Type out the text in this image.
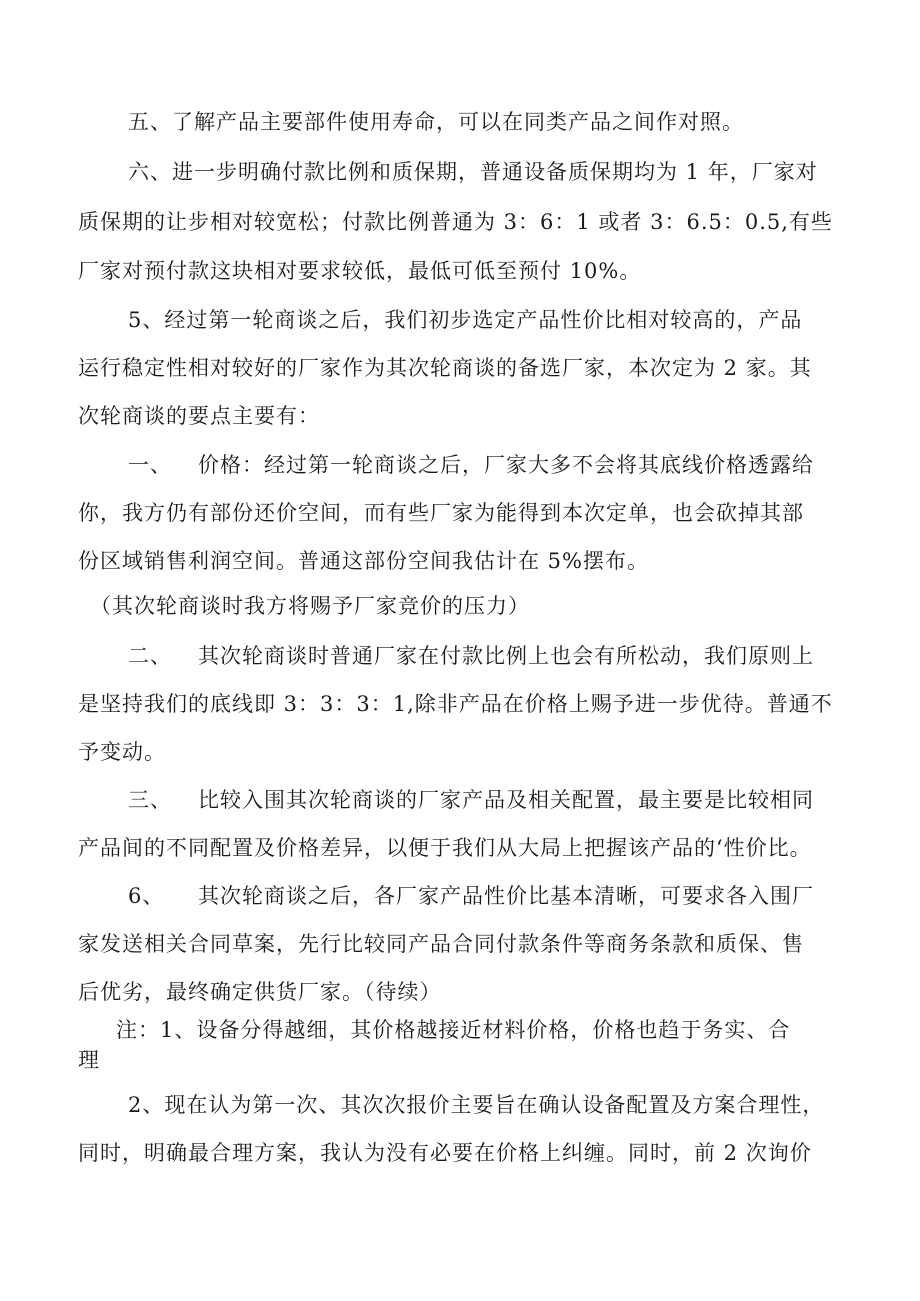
五、了解产品主要部件使用寿命，可以在同类产品之间作对照。
六、进一步明确付款比例和质保期，普通设备质保期均为 1 年，厂家对
质保期的让步相对较宽松；付款比例普通为 3：6：1 或者 3：6.5：0.5,有些
厂家对预付款这块相对要求较低，最低可低至预付 10%。
5、经过第一轮商谈之后，我们初步选定产品性价比相对较高的，产品
运行稳定性相对较好的厂家作为其次轮商谈的备选厂家，本次定为 2 家。其
次轮商谈的要点主要有：
一、 价格：经过第一轮商谈之后，厂家大多不会将其底线价格透露给
你，我方仍有部份还价空间，而有些厂家为能得到本次定单，也会砍掉其部
份区域销售利润空间。普通这部份空间我估计在 5%摆布。
（其次轮商谈时我方将赐予厂家竞价的压力）
二、 其次轮商谈时普通厂家在付款比例上也会有所松动，我们原则上
是坚持我们的底线即 3：3：3：1,除非产品在价格上赐予进一步优待。普通不
予变动。
三、 比较入围其次轮商谈的厂家产品及相关配置，最主要是比较相同
产品间的不同配置及价格差异，以便于我们从大局上把握该产品的‘性价比。
6、 其次轮商谈之后，各厂家产品性价比基本清晰，可要求各入围厂
家发送相关合同草案，先行比较同产品合同付款条件等商务条款和质保、售
后优劣，最终确定供货厂家。（待续）
注：1、设备分得越细，其价格越接近材料价格，价格也趋于务实、合
理
2、现在认为第一次、其次次报价主要旨在确认设备配置及方案合理性，
同时，明确最合理方案，我认为没有必要在价格上纠缠。同时，前 2 次询价
